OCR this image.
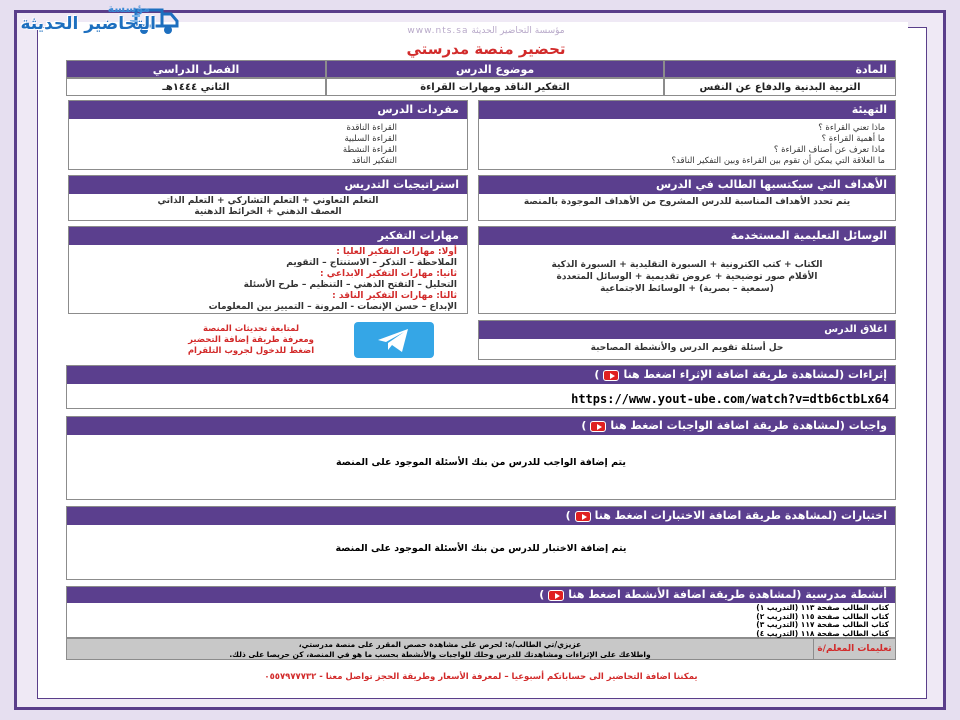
مؤسسة
التحاضير الحديثة	مؤسسة التحاضير الحديثة www.nts.sa
تحضير منصة مدرستي
المادة
موضوع الدرس
الفصل الدراسي
التربية البدنية والدفاع عن النفس
التفكير الناقد ومهارات القراءة
الثاني ١٤٤٤هـ
التهيئة
ماذا تعني القراءة ؟
ما أهمية القراءة ؟
ماذا تعرف عن أصناف القراءة ؟
ما العلاقة التي يمكن أن تقوم بين القراءة وبين التفكير الناقد؟
مفردات الدرس
القراءة الناقدة
القراءة السلبية
القراءة النشطة
التفكير الناقد
الأهداف التي سيكتسبها الطالب في الدرس
يتم تحدد الأهداف المناسبة للدرس المشروح من الأهداف الموجودة بالمنصة
استراتيجيات التدريس
التعلم التعاوني + التعلم التشاركي + التعلم الذاتي
العصف الذهني + الخرائط الذهنية
الوسائل التعليمية المستخدمة
الكتاب + كتب الكترونية + السبورة التقليدية + السبورة الذكية
الأقلام صور توضيحية + عروض تقديمية + الوسائل المتعددة
(سمعية – بصرية) + الوسائط الاجتماعية
مهارات التفكير
أولا: مهارات التفكير العليا :
الملاحظة – التذكر – الاستنتاج – التقويم
ثانيا: مهارات التفكير الابداعي :
التحليل – التفتح الذهني – التنظيم – طرح الأسئلة
ثالثا: مهارات التفكير الناقد :
الإبداع – حسن الإنصات - المرونة – التمييز بين المعلومات
اغلاق الدرس
حل أسئلة تقويم الدرس والأنشطة المصاحبة
لمتابعة تحديثات المنصة
ومعرفة طريقة إضافة التحضير
اضغط للدخول لجروب التلقرام
إثراءات (لمشاهدة طريقة اضافة الإثراء اضغط هنا
)
https://www.yout-ube.com/watch?v=dtb6ctbLx64
واجبات (لمشاهدة طريقة اضافة الواجبات اضغط هنا
)
يتم إضافة الواجب للدرس من بنك الأسئلة الموجود على المنصة
اختبارات (لمشاهدة طريقة اضافة الاختبارات اضغط هنا
)
يتم إضافة الاختبار للدرس من بنك الأسئلة الموجود على المنصة
أنشطة مدرسية (لمشاهدة طريقة اضافة الأنشطة اضغط هنا
)
كتاب الطالب صفحة ١١٣ (التدريب ١)
كتاب الطالب صفحة ١١٥ (التدريب ٢)
كتاب الطالب صفحة ١١٧ (التدريب ٣)
كتاب الطالب صفحة ١١٨ (التدريب ٤)
تعليمات المعلم/ة
عزيزي/تي الطالب/ة: لحرص على مشاهدة حصص المقرر على منصة مدرستي،
واطلاعك على الإثراءات ومشاهدتك للدرس وحلك للواجبات والأنشطة بحسب ما هو في المنصة، كن حريصا على ذلك.
يمكننا اضافة التحاضير الى حساباتكم أسبوعيا – لمعرفة الأسعار وطريقة الحجز تواصل معنا - ٠٥٥٧٩٧٧٧٣٢
